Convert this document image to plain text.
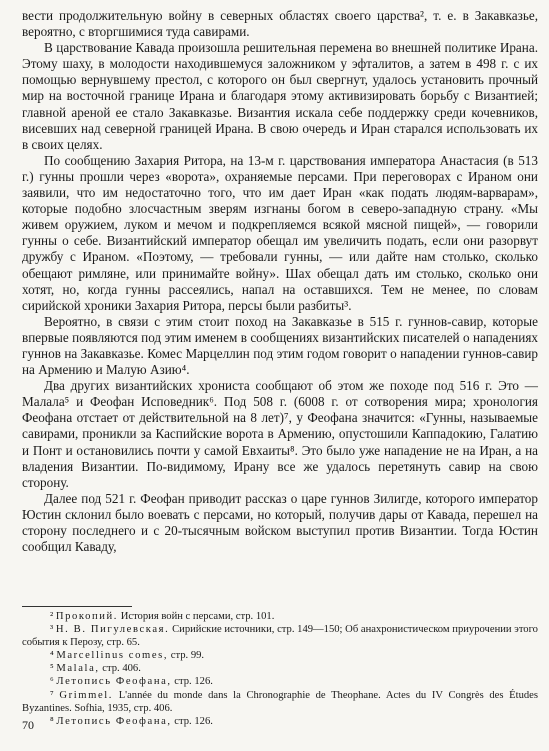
вести продолжительную войну в северных областях своего царства², т. е. в Закавказье, вероятно, с вторгшимися туда савирами.

В царствование Кавада произошла решительная перемена во внешней политике Ирана. Этому шаху, в молодости находившемуся заложником у эфталитов, а затем в 498 г. с их помощью вернувшему престол, с которого он был свергнут, удалось установить прочный мир на восточной границе Ирана и благодаря этому активизировать борьбу с Византией; главной ареной ее стало Закавказье. Византия искала себе поддержку среди кочевников, висевших над северной границей Ирана. В свою очередь и Иран старался использовать их в своих целях.

По сообщению Захария Ритора, на 13-м г. царствования императора Анастасия (в 513 г.) гунны прошли через «ворота», охраняемые персами. При переговорах с Ираном они заявили, что им недостаточно того, что им дает Иран «как подать людям-варварам», которые подобно злосчастным зверям изгнаны богом в северо-западную страну. «Мы живем оружием, луком и мечом и подкрепляемся всякой мясной пищей», — говорили гунны о себе. Византийский император обещал им увеличить подать, если они разорвут дружбу с Ираном. «Поэтому, — требовали гунны, — или дайте нам столько, сколько обещают римляне, или принимайте войну». Шах обещал дать им столько, сколько они хотят, но, когда гунны рассеялись, напал на оставшихся. Тем не менее, по словам сирийской хроники Захария Ритора, персы были разбиты³.

Вероятно, в связи с этим стоит поход на Закавказье в 515 г. гуннов-савир, которые впервые появляются под этим именем в сообщениях византийских писателей о нападениях гуннов на Закавказье. Комес Марцеллин под этим годом говорит о нападении гуннов-савир на Армению и Малую Азию⁴.

Два других византийских хрониста сообщают об этом же походе под 516 г. Это — Малала⁵ и Феофан Исповедник⁶. Под 508 г. (6008 г. от сотворения мира; хронология Феофана отстает от действительной на 8 лет)⁷, у Феофана значится: «Гунны, называемые савирами, проникли за Каспийские ворота в Армению, опустошили Каппадокию, Галатию и Понт и остановились почти у самой Евхаиты⁸. Это было уже нападение не на Иран, а на владения Византии. По-видимому, Ирану все же удалось перетянуть савир на свою сторону.

Далее под 521 г. Феофан приводит рассказ о царе гуннов Зилигде, которого император Юстин склонил было воевать с персами, но который, получив дары от Кавада, перешел на сторону последнего и с 20-тысячным войском выступил против Византии. Тогда Юстин сообщил Каваду,

² Прокопий. История войн с персами, стр. 101.

³ Н. В. Пигулевская. Сирийские источники, стр. 149—150; Об анахронистическом приурочении этого события к Перозу, стр. 65.

⁴ Marcellinus comes, стр. 99.

⁵ Malala, стр. 406.

⁶ Летопись Феофана, стр. 126.

⁷ Grimmel. L'année du monde dans la Chronographie de Theophane. Actes du IV Congrès des Études Byzantines. Sofhia, 1935, стр. 406.

⁸ Летопись Феофана, стр. 126.

70
